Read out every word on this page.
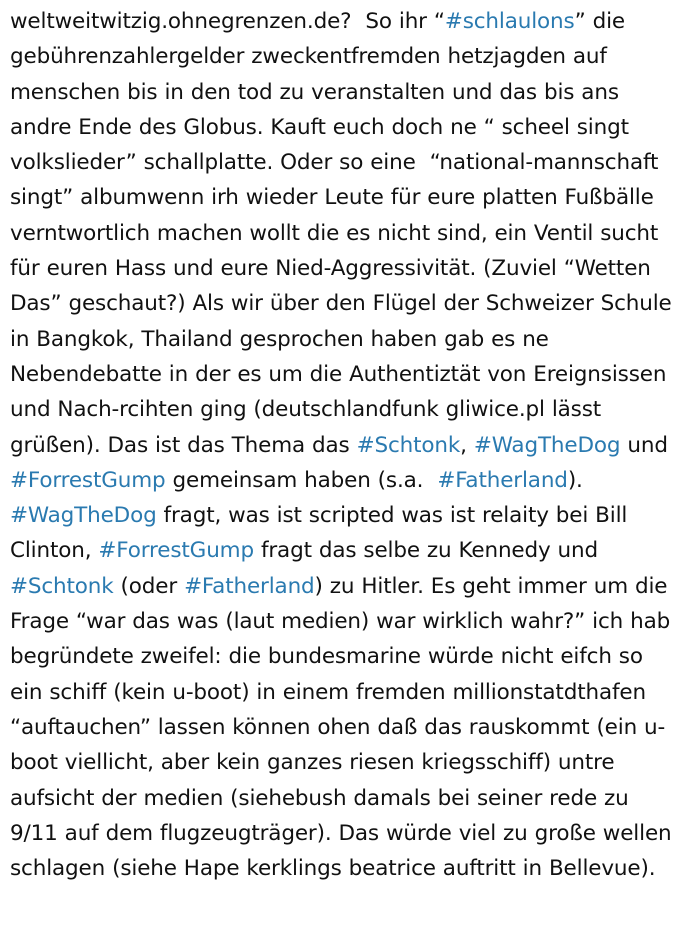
weltweitwitzig.ohnegrenzen.de?  So ihr “#schlaulons” die gebührenzahlergelder zweckentfremden hetzjagden auf menschen bis in den tod zu veranstalten und das bis ans andre Ende des Globus. Kauft euch doch ne “ scheel singt volkslieder” schallplatte. Oder so eine  “national-mannschaft singt” albumwenn irh wieder Leute für eure platten Fußbälle verntwortlich machen wollt die es nicht sind, ein Ventil sucht für euren Hass und eure Nied-Aggressivität. (Zuviel “Wetten Das” geschaut?) Als wir über den Flügel der Schweizer Schule in Bangkok, Thailand gesprochen haben gab es ne Nebendebatte in der es um die Authentiztät von Ereignsissen und Nach-rcihten ging (deutschlandfunk gliwice.pl lässt grüßen). Das ist das Thema das #Schtonk, #WagTheDog und #ForrestGump gemeinsam haben (s.a.  #Fatherland). #WagTheDog fragt, was ist scripted was ist relaity bei Bill Clinton, #ForrestGump fragt das selbe zu Kennedy und #Schtonk (oder #Fatherland) zu Hitler. Es geht immer um die Frage “war das was (laut medien) war wirklich wahr?” ich hab begründete zweifel: die bundesmarine würde nicht eifch so ein schiff (kein u-boot) in einem fremden millionstatdthafen “auftauchen” lassen können ohen daß das rauskommt (ein u-boot viellicht, aber kein ganzes riesen kriegsschiff) untre aufsicht der medien (siehebush damals bei seiner rede zu 9/11 auf dem flugzeugträger). Das würde viel zu große wellen schlagen (siehe Hape kerklings beatrice auftritt in Bellevue).
